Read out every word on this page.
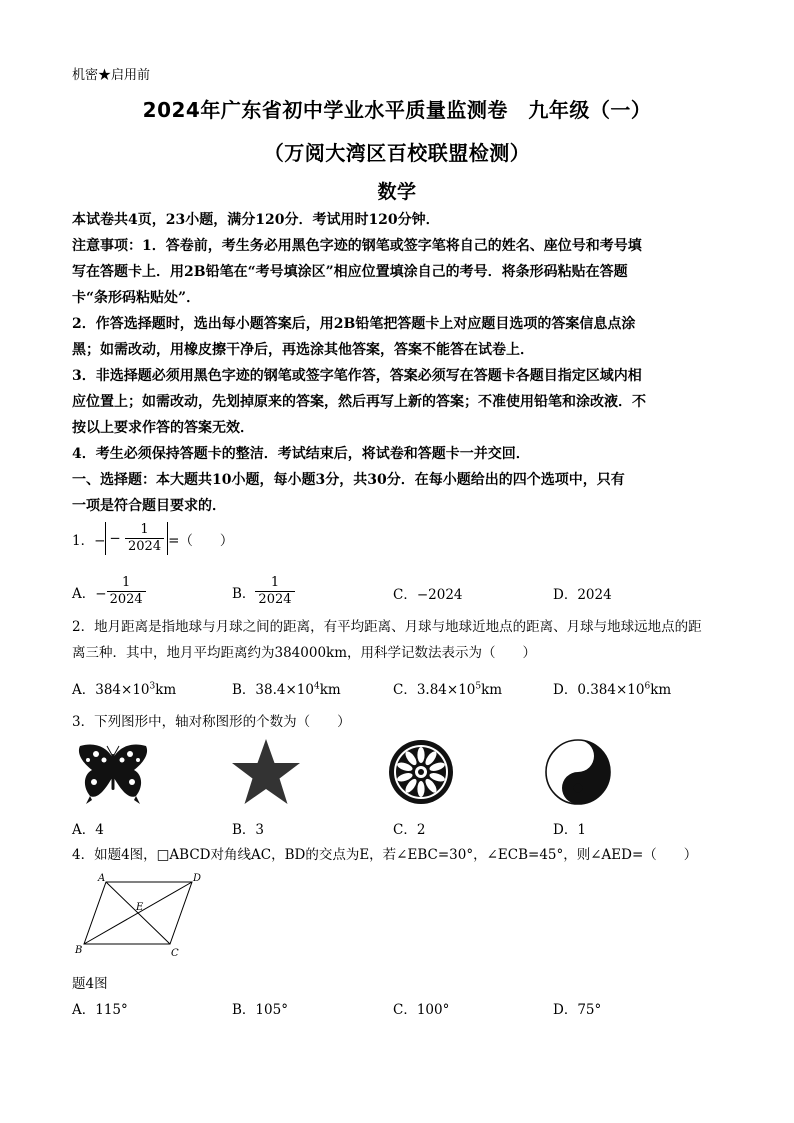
机密★启用前
2024年广东省初中学业水平质量监测卷　九年级（一）
（万阅大湾区百校联盟检测）
数学
本试卷共4页，23小题，满分120分．考试用时120分钟．
注意事项：1．答卷前，考生务必用黑色字迹的钢笔或签字笔将自己的姓名、座位号和考号填
写在答题卡上．用2B铅笔在“考号填涂区”相应位置填涂自己的考号．将条形码粘贴在答题
卡“条形码粘贴处”．
2．作答选择题时，选出每小题答案后，用2B铅笔把答题卡上对应题目选项的答案信息点涂
黑；如需改动，用橡皮擦干净后，再选涂其他答案，答案不能答在试卷上．
3．非选择题必须用黑色字迹的钢笔或签字笔作答，答案必须写在答题卡各题目指定区域内相
应位置上；如需改动，先划掉原来的答案，然后再写上新的答案；不准使用铅笔和涂改液．不
按以上要求作答的答案无效．
4．考生必须保持答题卡的整洁．考试结束后，将试卷和答题卡一并交回．
一、选择题：本大题共10小题，每小题3分，共30分．在每小题给出的四个选项中，只有
一项是符合题目要求的．
1．− − $\frac{1}{2024}$ =（　　）
A．− $\frac{1}{2024}$	B． $\frac{1}{2024}$	C．−2024	D．2024
2．地月距离是指地球与月球之间的距离，有平均距离、月球与地球近地点的距离、月球与地球远地点的距
离三种．其中，地月平均距离约为384000km，用科学记数法表示为（　　）
A．$384\times 10^3km$	B．$38.4\times 10^4km$	C．$3.84\times 10^5km$	D．$0.384\times 10^6km$
3．下列图形中，轴对称图形的个数为（　　）
A．4	B．3	C．2	D．1
4．如题4图，□ABCD对角线AC，BD的交点为E，若∠EBC=30°，∠ECB=45°，则∠AED=（　　）
A	D
B	C
E
题4图
A．115°	B．105°	C．100°	D．75°
